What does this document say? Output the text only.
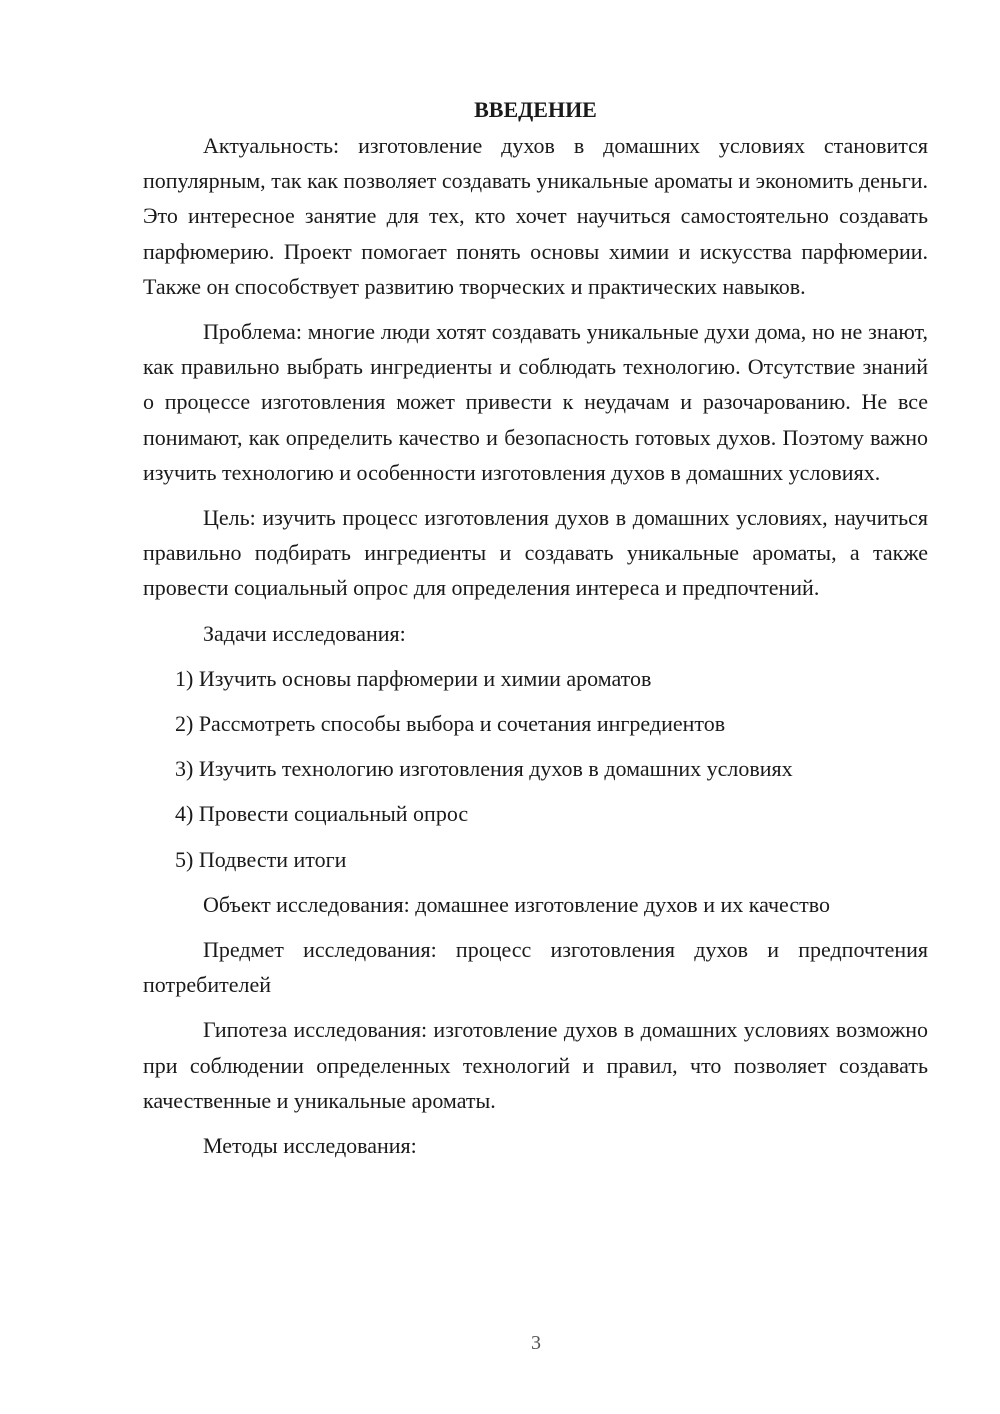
ВВЕДЕНИЕ

Актуальность: изготовление духов в домашних условиях становится популярным, так как позволяет создавать уникальные ароматы и экономить деньги. Это интересное занятие для тех, кто хочет научиться самостоятельно создавать парфюмерию. Проект помогает понять основы химии и искусства парфюмерии. Также он способствует развитию творческих и практических навыков.

Проблема: многие люди хотят создавать уникальные духи дома, но не знают, как правильно выбрать ингредиенты и соблюдать технологию. Отсутствие знаний о процессе изготовления может привести к неудачам и разочарованию. Не все понимают, как определить качество и безопасность готовых духов. Поэтому важно изучить технологию и особенности изготовления духов в домашних условиях.

Цель: изучить процесс изготовления духов в домашних условиях, научиться правильно подбирать ингредиенты и создавать уникальные ароматы, а также провести социальный опрос для определения интереса и предпочтений.

Задачи исследования:

1) Изучить основы парфюмерии и химии ароматов
2) Рассмотреть способы выбора и сочетания ингредиентов
3) Изучить технологию изготовления духов в домашних условиях
4) Провести социальный опрос
5) Подвести итоги

Объект исследования: домашнее изготовление духов и их качество

Предмет исследования: процесс изготовления духов и предпочтения потребителей

Гипотеза исследования: изготовление духов в домашних условиях возможно при соблюдении определенных технологий и правил, что позволяет создавать качественные и уникальные ароматы.

Методы исследования:

3
